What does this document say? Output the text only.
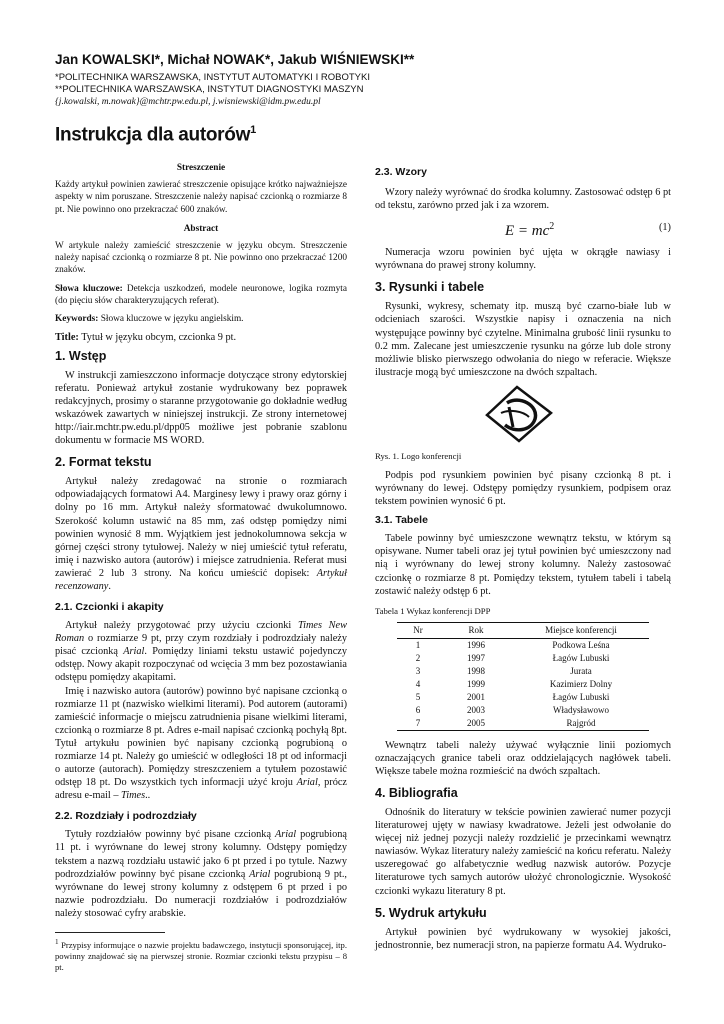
Jan KOWALSKI*, Michał NOWAK*, Jakub WIŚNIEWSKI**
*POLITECHNIKA WARSZAWSKA, INSTYTUT AUTOMATYKI I ROBOTYKI
**POLITECHNIKA WARSZAWSKA, INSTYTUT DIAGNOSTYKI MASZYN
{j.kowalski, m.nowak}@mchtr.pw.edu.pl, j.wisniewski@idm.pw.edu.pl
Instrukcja dla autorów$^1$

Streszczenie

Każdy artykuł powinien zawierać streszczenie opisujące krótko najważniejsze aspekty w nim poruszane. Streszczenie należy napisać czcionką o rozmiarze 8 pt. Nie powinno ono przekraczać 600 znaków.

Abstract

W artykule należy zamieścić streszczenie w języku obcym. Streszczenie należy napisać czcionką o rozmiarze 8 pt. Nie powinno ono przekraczać 1200 znaków.

Słowa kluczowe: Detekcja uszkodzeń, modele neuronowe, logika rozmyta (do pięciu słów charakteryzujących referat).

Keywords: Słowa kluczowe w języku angielskim.

Title: Tytuł w języku obcym, czcionka 9 pt.

1. Wstęp

W instrukcji zamieszczono informacje dotyczące strony edytorskiej referatu. Ponieważ artykuł zostanie wydrukowany bez poprawek redakcyjnych, prosimy o staranne przygotowanie go dokładnie według wskazówek zawartych w niniejszej instrukcji. Ze strony internetowej http://iair.mchtr.pw.edu.pl/dpp05 możliwe jest pobranie szablonu dokumentu w formacie MS WORD.

2. Format tekstu

Artykuł należy zredagować na stronie o rozmiarach odpowiadających formatowi A4. Marginesy lewy i prawy oraz górny i dolny po 16 mm. Artykuł należy sformatować dwukolumnowo. Szerokość kolumn ustawić na 85 mm, zaś odstęp pomiędzy nimi powinien wynosić 8 mm. Wyjątkiem jest jednokolumnowa sekcja w górnej części strony tytułowej. Należy w niej umieścić tytuł referatu, imię i nazwisko autora (autorów) i miejsce zatrudnienia. Referat musi zawierać 2 lub 3 strony. Na końcu umieścić dopisek: Artykuł recenzowany.

2.1. Czcionki i akapity

Artykuł należy przygotować przy użyciu czcionki Times New Roman o rozmiarze 9 pt, przy czym rozdziały i podrozdziały należy pisać czcionką Arial. Pomiędzy liniami tekstu ustawić pojedynczy odstęp. Nowy akapit rozpoczynać od wcięcia 3 mm bez pozostawiania odstępu pomiędzy akapitami.

Imię i nazwisko autora (autorów) powinno być napisane czcionką o rozmiarze 11 pt (nazwisko wielkimi literami). Pod autorem (autorami) zamieścić informacje o miejscu zatrudnienia pisane wielkimi literami, czcionką o rozmiarze 8 pt. Adres e-mail napisać czcionką pochyłą 8pt. Tytuł artykułu powinien być napisany czcionką pogrubioną o rozmiarze 14 pt. Należy go umieścić w odległości 18 pt od informacji o autorze (autorach). Pomiędzy streszczeniem a tytułem pozostawić odstęp 18 pt. Do wszystkich tych informacji użyć kroju Arial, prócz adresu e-mail – Times..

2.2. Rozdziały i podrozdziały

Tytuły rozdziałów powinny być pisane czcionką Arial pogrubioną 11 pt. i wyrównane do lewej strony kolumny. Odstępy pomiędzy tekstem a nazwą rozdziału ustawić jako 6 pt przed i po tytule. Nazwy podrozdziałów powinny być pisane czcionką Arial pogrubioną 9 pt., wyrównane do lewej strony kolumny z odstępem 6 pt przed i po nazwie podrozdziału. Do numeracji rozdziałów i podrozdziałów należy stosować cyfry arabskie.

$^1$ Przypisy informujące o nazwie projektu badawczego, instytucji sponsorującej, itp. powinny znajdować się na pierwszej stronie. Rozmiar czcionki tekstu przypisu – 8 pt.

2.3. Wzory

Wzory należy wyrównać do środka kolumny. Zastosować odstęp 6 pt od tekstu, zarówno przed jak i za wzorem.

$E = mc^2$	(1)

Numeracja wzoru powinien być ujęta w okrągłe nawiasy i wyrównana do prawej strony kolumny.

3. Rysunki i tabele

Rysunki, wykresy, schematy itp. muszą być czarno-białe lub w odcieniach szarości. Wszystkie napisy i oznaczenia na nich występujące powinny być czytelne. Minimalna grubość linii rysunku to 0.2 mm. Zalecane jest umieszczenie rysunku na górze lub dole strony możliwie blisko pierwszego odwołania do niego w referacie. Większe ilustracje mogą być umieszczone na dwóch szpaltach.

Rys. 1. Logo konferencji

Podpis pod rysunkiem powinien być pisany czcionką 8 pt. i wyrównany do lewej. Odstępy pomiędzy rysunkiem, podpisem oraz tekstem powinien wynosić 6 pt.

3.1. Tabele

Tabele powinny być umieszczone wewnątrz tekstu, w którym są opisywane. Numer tabeli oraz jej tytuł powinien być umieszczony nad nią i wyrównany do lewej strony kolumny. Należy zastosować czcionkę o rozmiarze 8 pt. Pomiędzy tekstem, tytułem tabeli i tabelą zostawić należy odstęp 6 pt.

Tabela 1 Wykaz konferencji DPP

Nr	Rok	Miejsce konferencji
1	1996	Podkowa Leśna
2	1997	Łagów Lubuski
3	1998	Jurata
4	1999	Kazimierz Dolny
5	2001	Łagów Lubuski
6	2003	Władysławowo
7	2005	Rajgród

Wewnątrz tabeli należy używać wyłącznie linii poziomych oznaczających granice tabeli oraz oddzielających nagłówek tabeli. Większe tabele można rozmieścić na dwóch szpaltach.

4. Bibliografia

Odnośnik do literatury w tekście powinien zawierać numer pozycji literaturowej ujęty w nawiasy kwadratowe. Jeżeli jest odwołanie do więcej niż jednej pozycji należy rozdzielić je przecinkami wewnątrz nawiasów. Wykaz literatury należy zamieścić na końcu referatu. Należy uszeregować go alfabetycznie według nazwisk autorów. Pozycje literaturowe tych samych autorów ułożyć chronologicznie. Wysokość czcionki wykazu literatury 8 pt.

5. Wydruk artykułu

Artykuł powinien być wydrukowany w wysokiej jakości, jednostronnie, bez numeracji stron, na papierze formatu A4. Wydruko-
